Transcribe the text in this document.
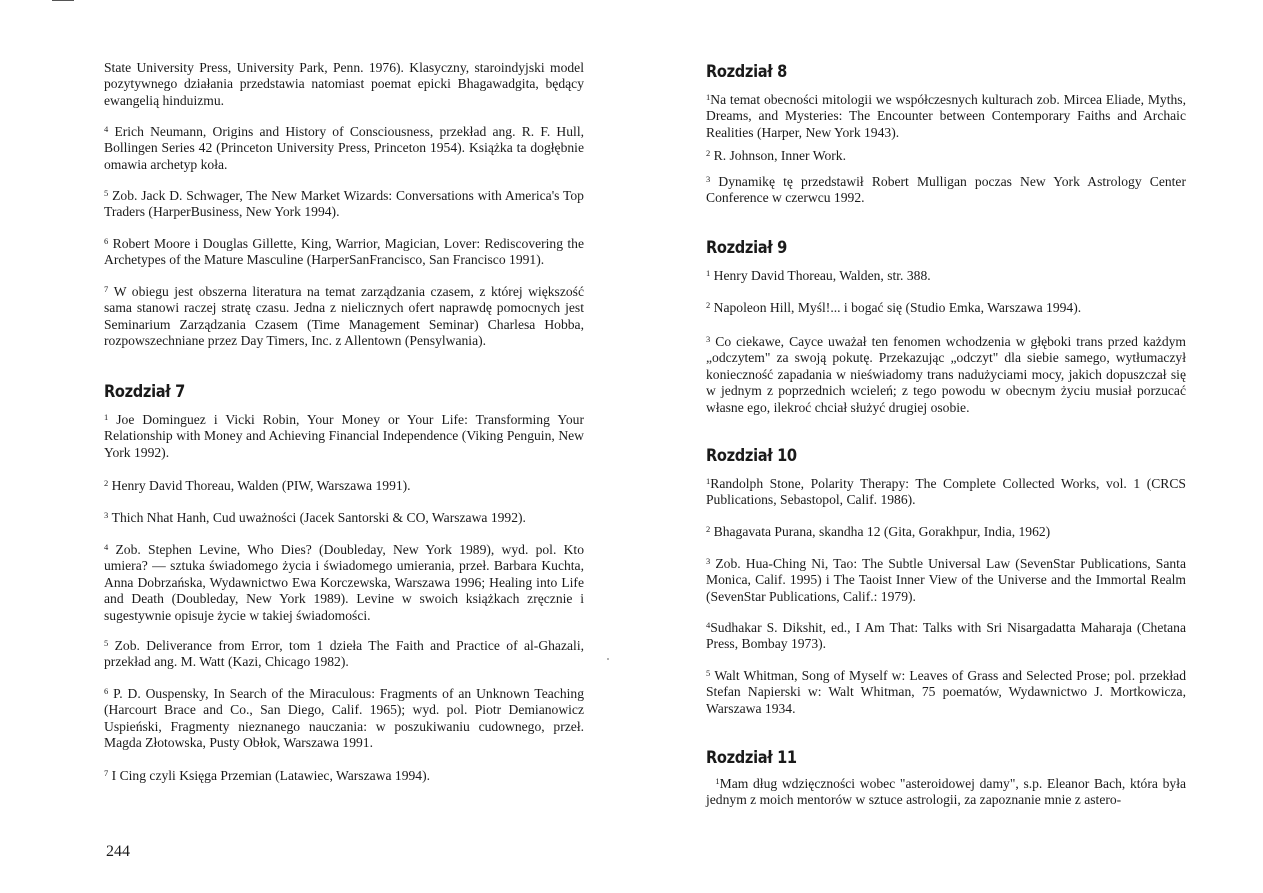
State University Press, University Park, Penn. 1976). Klasyczny, staroindyjski model pozytywnego działania przedstawia natomiast poemat epicki Bhagawadgita, będący ewangelią hinduizmu.

$^4$ Erich Neumann, Origins and History of Consciousness, przekład ang. R. F. Hull, Bollingen Series 42 (Princeton University Press, Princeton 1954). Książka ta dogłębnie omawia archetyp koła.

$^5$ Zob. Jack D. Schwager, The New Market Wizards: Conversations with America's Top Traders (HarperBusiness, New York 1994).

$^6$ Robert Moore i Douglas Gillette, King, Warrior, Magician, Lover: Rediscovering the Archetypes of the Mature Masculine (HarperSanFrancisco, San Francisco 1991).

$^7$ W obiegu jest obszerna literatura na temat zarządzania czasem, z której większość sama stanowi raczej stratę czasu. Jedna z nielicznych ofert naprawdę pomocnych jest Seminarium Zarządzania Czasem (Time Management Seminar) Charlesa Hobba, rozpowszechniane przez Day Timers, Inc. z Allentown (Pensylwania).

Rozdział 7

$^1$ Joe Dominguez i Vicki Robin, Your Money or Your Life: Transforming Your Relationship with Money and Achieving Financial Independence (Viking Penguin, New York 1992).

$^2$ Henry David Thoreau, Walden (PIW, Warszawa 1991).

$^3$ Thich Nhat Hanh, Cud uważności (Jacek Santorski & CO, Warszawa 1992).

$^4$ Zob. Stephen Levine, Who Dies? (Doubleday, New York 1989), wyd. pol. Kto umiera? — sztuka świadomego życia i świadomego umierania, przeł. Barbara Kuchta, Anna Dobrzańska, Wydawnictwo Ewa Korczewska, Warszawa 1996; Healing into Life and Death (Doubleday, New York 1989). Levine w swoich książkach zręcznie i sugestywnie opisuje życie w takiej świadomości.

$^5$ Zob. Deliverance from Error, tom 1 dzieła The Faith and Practice of al-Ghazali, przekład ang. M. Watt (Kazi, Chicago 1982).

$^6$ P. D. Ouspensky, In Search of the Miraculous: Fragments of an Unknown Teaching (Harcourt Brace and Co., San Diego, Calif. 1965); wyd. pol. Piotr Demianowicz Uspieński, Fragmenty nieznanego nauczania: w poszukiwaniu cudownego, przeł. Magda Złotowska, Pusty Obłok, Warszawa 1991.

$^7$ I Cing czyli Księga Przemian (Latawiec, Warszawa 1994).

244
Rozdział 8

$^1$Na temat obecności mitologii we współczesnych kulturach zob. Mircea Eliade, Myths, Dreams, and Mysteries: The Encounter between Contemporary Faiths and Archaic Realities (Harper, New York 1943).

$^2$ R. Johnson, Inner Work.

$^3$ Dynamikę tę przedstawił Robert Mulligan poczas New York Astrology Center Conference w czerwcu 1992.

Rozdział 9

$^1$ Henry David Thoreau, Walden, str. 388.

$^2$ Napoleon Hill, Myśl!... i bogać się (Studio Emka, Warszawa 1994).

$^3$ Co ciekawe, Cayce uważał ten fenomen wchodzenia w głęboki trans przed każdym „odczytem" za swoją pokutę. Przekazując „odczyt" dla siebie samego, wytłumaczył konieczność zapadania w nieświadomy trans nadużyciami mocy, jakich dopuszczał się w jednym z poprzednich wcieleń; z tego powodu w obecnym życiu musiał porzucać własne ego, ilekroć chciał służyć drugiej osobie.

Rozdział 10

$^1$Randolph Stone, Polarity Therapy: The Complete Collected Works, vol. 1 (CRCS Publications, Sebastopol, Calif. 1986).

$^2$ Bhagavata Purana, skandha 12 (Gita, Gorakhpur, India, 1962)

$^3$ Zob. Hua-Ching Ni, Tao: The Subtle Universal Law (SevenStar Publications, Santa Monica, Calif. 1995) i The Taoist Inner View of the Universe and the Immortal Realm (SevenStar Publications, Calif.: 1979).

$^4$Sudhakar S. Dikshit, ed., I Am That: Talks with Sri Nisargadatta Maharaja (Chetana Press, Bombay 1973).

$^5$ Walt Whitman, Song of Myself w: Leaves of Grass and Selected Prose; pol. przekład Stefan Napierski w: Walt Whitman, 75 poematów, Wydawnictwo J. Mortkowicza, Warszawa 1934.

Rozdział 11

$^1$Mam dług wdzięczności wobec "asteroidowej damy", s.p. Eleanor Bach, która była jednym z moich mentorów w sztuce astrologii, za zapoznanie mnie z astero-
